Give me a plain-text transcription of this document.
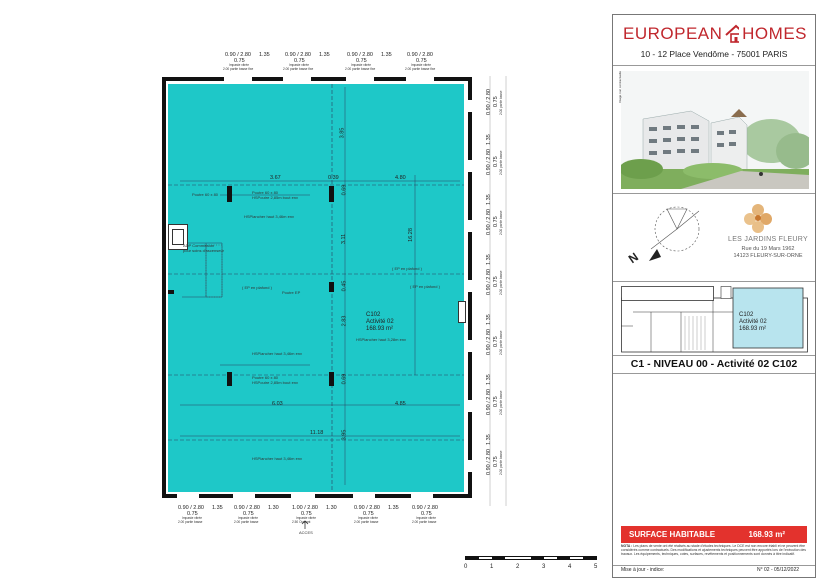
3.67	0.39	4.80
6.03	4.85
11.18
3.85
0.69
3.11
0.45
2.83
0.69
3.95
16.28
C102
Activité 02
168.93 m²
HSPlancher haut 3,28m env
HSPlancher haut 3,46m env
HSPlancher haut 3,46m env
HSPlancher haut 3,46m env
Poutre 60 x 80
HSPoutre 2,85m bout env
Poutre 60 x 80
HSPoutre 2,85m bout env
Poutre 60 x 80
( EP en plafond )
Poutre EP
( EP en plafond )
( EP en plafond )
ADP Commission
pour soins d'ascenseur
ACCES
0.90 / 2.80 1.35
0.75
Impaste vitrée
2.00 partie basse fixe
0.90 / 2.80 1.35
0.75
Impaste vitrée
2.00 partie basse fixe
0.90 / 2.80 1.35
0.75
Impaste vitrée
2.00 partie basse fixe
0.90 / 2.80
0.75
Impaste vitrée
2.00 partie basse fixe
0.90 / 2.80 1.35
0.75
Impaste vitrée
2.00 partie basse
0.90 / 2.80 1.30
0.75
Impaste vitrée
2.00 partie basse
1.00 / 2.80 1.30
0.75
Impaste vitrée
2.50 Ouvrant
0.90 / 2.80 1.35
0.75
Impaste vitrée
2.00 partie basse
0.90 / 2.80
0.75
Impaste vitrée
2.00 partie basse
0.90 / 2.80 0.75 2.00 partie basse
1.35
0.90 / 2.80 0.75 2.00 partie basse
1.35
0.90 / 2.80 0.75 2.00 partie basse
1.35
0.90 / 2.80 0.75 2.00 partie basse
1.35
0.90 / 2.80 0.75 2.00 partie basse
1.35
0.90 / 2.80 0.75 2.00 partie basse
1.35
0.90 / 2.80 0.75 2.00 partie basse
0	1	2	3	4	5
EUROPEAN HOMES
10 - 12 Place Vendôme - 75001 PARIS
Image non contractuelle
N
LES JARDINS FLEURY
Rue du 19 Mars 1962
14123 FLEURY-SUR-ORNE
C102
Activité 02
168.93 m²
C1 - NIVEAU 00 - Activité 02 C102
SURFACE HABITABLE	168.93 m²
NOTA : Les plans de vente ont été réalisés au stade d'études techniques. Le DCE est non encore établi et ne peuvent être considérés comme contractuels. Des modifications et ajustements techniques peuvent être apportés lors de l'exécution des travaux. Les équipements, techniques, cotes, surfaces, revêtements et positionnements sont donnés à titre indicatif.
Mise à jour - indice:	N° 02 - 05/12/2022
